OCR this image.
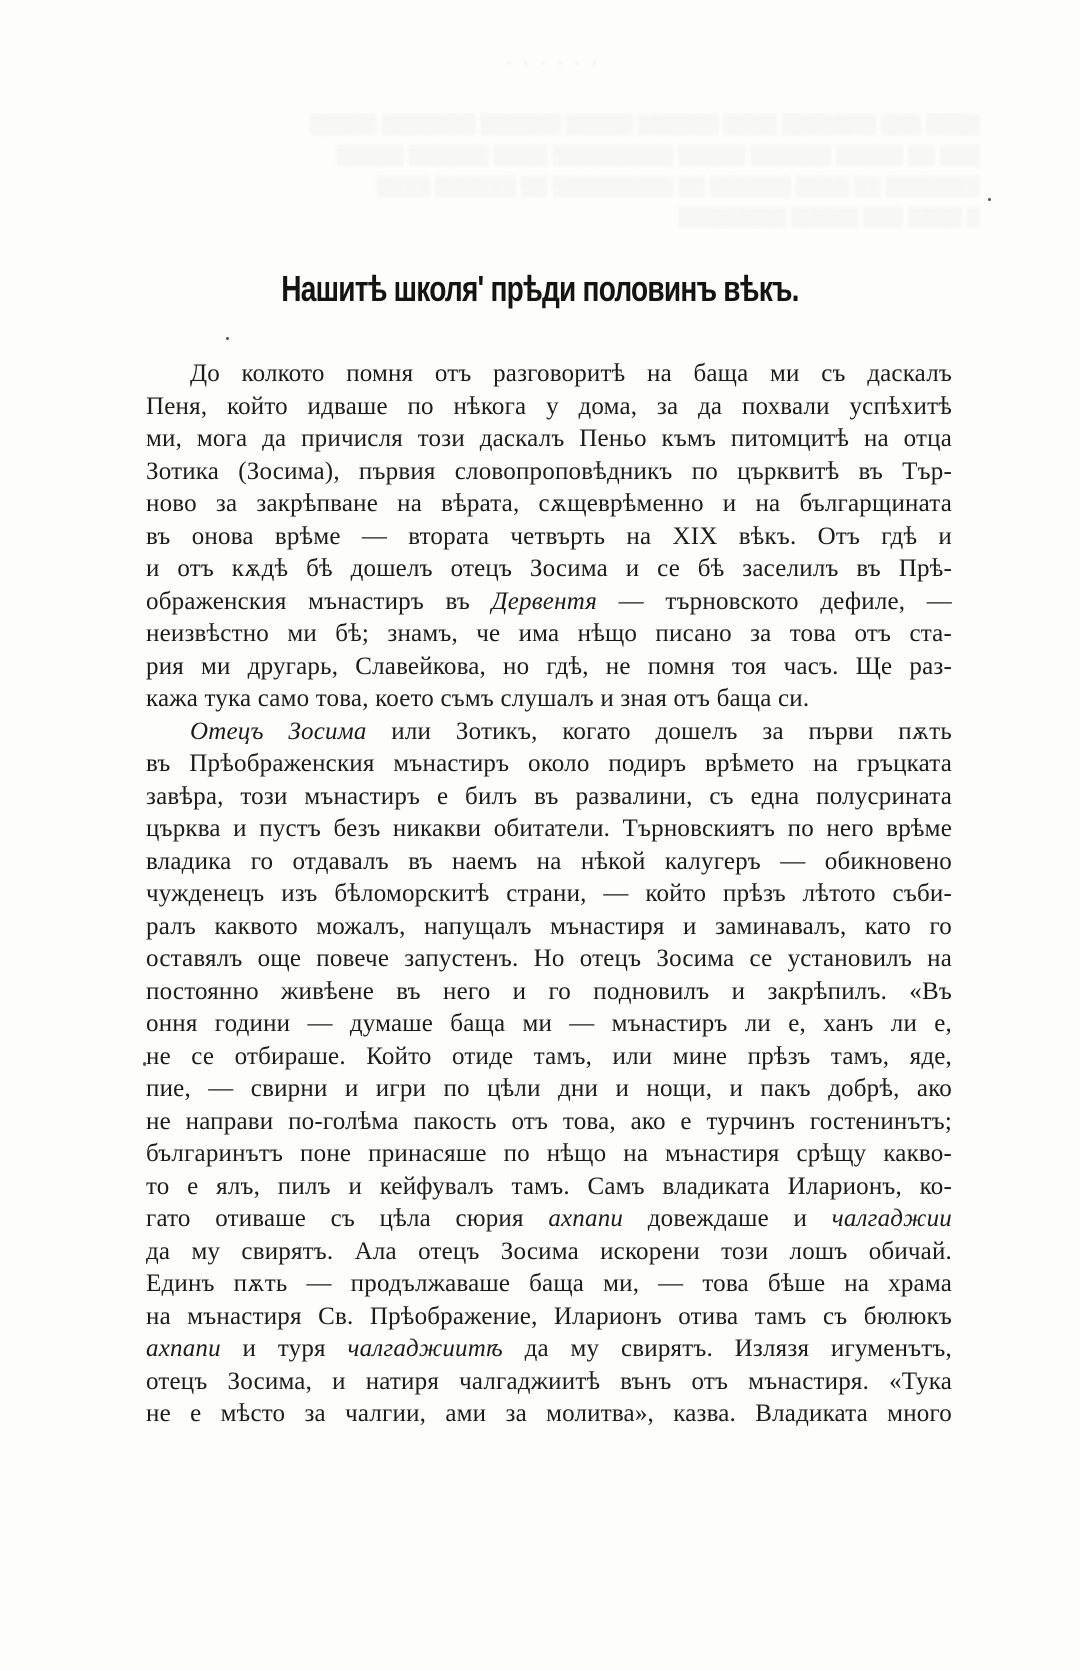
· · · · · ·
▒▒▒▒ ▒▒▒ ▒▒▒▒▒▒▒ ▒▒▒▒ ▒▒▒▒▒▒ ▒▒▒▒▒ ▒▒▒▒▒▒ ▒▒▒▒▒▒▒ ▒▒▒▒▒
▒▒▒ ▒▒ ▒▒▒▒▒ ▒▒▒▒▒▒ ▒▒▒▒▒ ▒▒▒▒▒▒▒▒▒ ▒▒▒▒ ▒▒▒▒▒▒ ▒▒▒▒▒
▒▒▒▒▒▒▒ ▒▒ ▒▒▒▒ ▒▒▒▒▒▒ ▒▒ ▒▒▒▒▒▒▒▒▒ ▒▒ ▒▒▒▒▒▒ ▒▒▒▒
▒ ▒▒▒▒ ▒▒▒ ▒▒▒▒▒ ▒▒▒▒▒▒▒▒
Нашитѣ школя' прѣди половинъ вѣкъ.
До колкото помня отъ разговоритѣ на баща ми съ даскалъ
Пеня, който идваше по нѣкога у дома, за да похвали успѣхитѣ
ми, мога да причисля този даскалъ Пеньо къмъ питомцитѣ на отца
Зотика (Зосима), първия словопроповѣдникъ по църквитѣ въ Тър-
ново за закрѣпване на вѣрата, сѫщеврѣменно и на българщината
въ онова врѣме — втората четвърть на XIX вѣкъ. Отъ гдѣ и
и отъ кѫдѣ бѣ дошелъ отецъ Зосима и се бѣ заселилъ въ Прѣ-
ображенския мънастиръ въ Дервентя — търновското дефиле, —
неизвѣстно ми бѣ; знамъ, че има нѣщо писано за това отъ ста-
рия ми другарь, Славейкова, но гдѣ, не помня тоя часъ. Ще раз-
кажа тука само това, което съмъ слушалъ и зная отъ баща си.
Отецъ Зосима или Зотикъ, когато дошелъ за първи пѫть
въ Прѣображенския мънастиръ около подиръ врѣмето на гръцката
завѣра, този мънастиръ е билъ въ развалини, съ една полусрината
църква и пустъ безъ никакви обитатели. Търновскиятъ по него врѣме
владика го отдавалъ въ наемъ на нѣкой калугеръ — обикновено
чужденецъ изъ бѣломорскитѣ страни, — който прѣзъ лѣтото съби-
ралъ каквото можалъ, напущалъ мънастиря и заминавалъ, като го
оставялъ още повече запустенъ. Но отецъ Зосима се установилъ на
постоянно живѣене въ него и го подновилъ и закрѣпилъ. «Въ
оння години — думаше баща ми — мънастиръ ли е, ханъ ли е,
не се отбираше. Който отиде тамъ, или мине прѣзъ тамъ, яде,
пие, — свирни и игри по цѣли дни и нощи, и пакъ добрѣ, ако
не направи по-голѣма пакость отъ това, ако е турчинъ гостенинътъ;
българинътъ поне принасяше по нѣщо на мънастиря срѣщу какво-
то е ялъ, пилъ и кейфувалъ тамъ. Самъ владиката Иларионъ, ко-
гато отиваше съ цѣла сюрия ахпапи довеждаше и чалгаджии
да му свирятъ. Ала отецъ Зосима искорени този лошъ обичай.
Единъ пѫть — продължаваше баща ми, — това бѣше на храма
на мънастиря Св. Прѣображение, Иларионъ отива тамъ съ бюлюкъ
ахпапи и туря чалгаджиитѣ да му свирятъ. Излязя игуменътъ,
отецъ Зосима, и натиря чалгаджиитѣ вънъ отъ мънастиря. «Тука
не е мѣсто за чалгии, ами за молитва», казва. Владиката много
